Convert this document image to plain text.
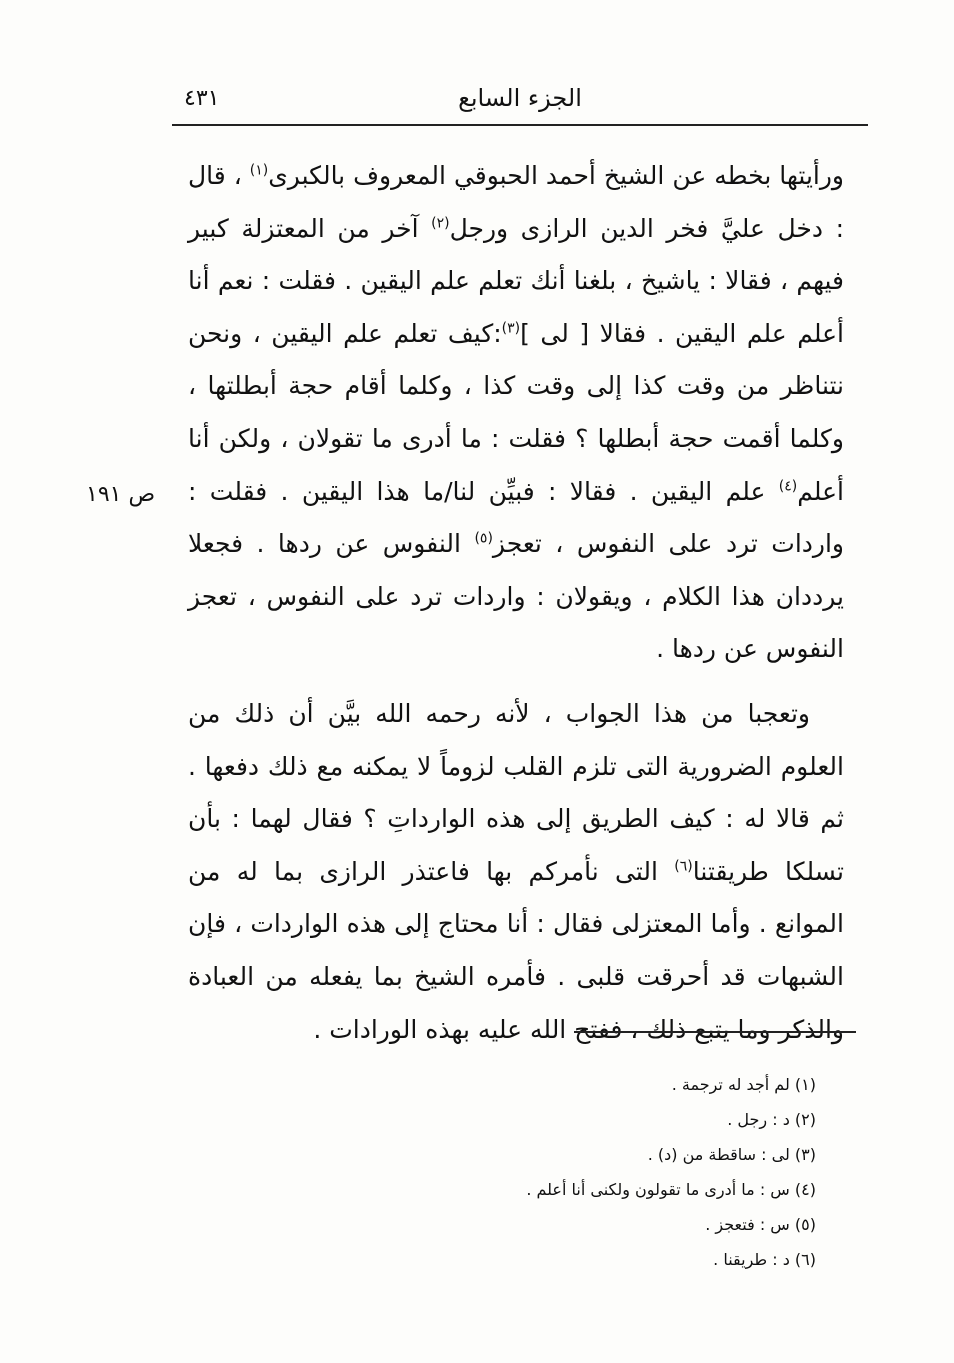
٤٣١	الجزء السابع

ورأيتها بخطه عن الشيخ أحمد الحبوقي المعروف بالكبرى$^{(١)}$ ، قال : دخل عليَّ فخر الدين الرازى ورجل$^{(٢)}$ آخر من المعتزلة كبير فيهم ، فقالا : ياشيخ ، بلغنا أنك تعلم علم اليقين . فقلت : نعم أنا أعلم علم اليقين . فقالا [ لى ]$^{(٣)}$:كيف تعلم علم اليقين ، ونحن نتناظر من وقت كذا إلى وقت كذا ، وكلما أقام حجة أبطلتها ، وكلما أقمت حجة أبطلها ؟ فقلت : ما أدرى ما تقولان ، ولكن أنا أعلم$^{(٤)}$ علم اليقين . فقالا : فبيِّن لنا/ما هذا اليقين . فقلت : واردات ترد على النفوس ، تعجز$^{(٥)}$ النفوس عن ردها . فجعلا يرددان هذا الكلام ، ويقولان : واردات ترد على النفوس ، تعجز النفوس عن ردها .

وتعجبا من هذا الجواب ، لأنه رحمه الله بيَّن أن ذلك من العلوم الضرورية التى تلزم القلب لزوماً لا يمكنه مع ذلك دفعها . ثم قالا له : كيف الطريق إلى هذه الوارداتِ ؟ فقال لهما : بأن تسلكا طريقتنا$^{(٦)}$ التى نأمركم بها فاعتذر الرازى بما له من الموانع . وأما المعتزلى فقال : أنا محتاج إلى هذه الواردات ، فإن الشبهات قد أحرقت قلبى . فأمره الشيخ بما يفعله من العبادة والذكر وما يتبع ذلك ، ففتح الله عليه بهذه الورادات .

ص ١٩١
(١) لم أجد له ترجمة .
(٢) د : رجل .
(٣) لى : ساقطة من (د) .
(٤) س : ما أدرى ما تقولون ولكنى أنا أعلم .
(٥) س : فتعجز .
(٦) د : طريقنا .
